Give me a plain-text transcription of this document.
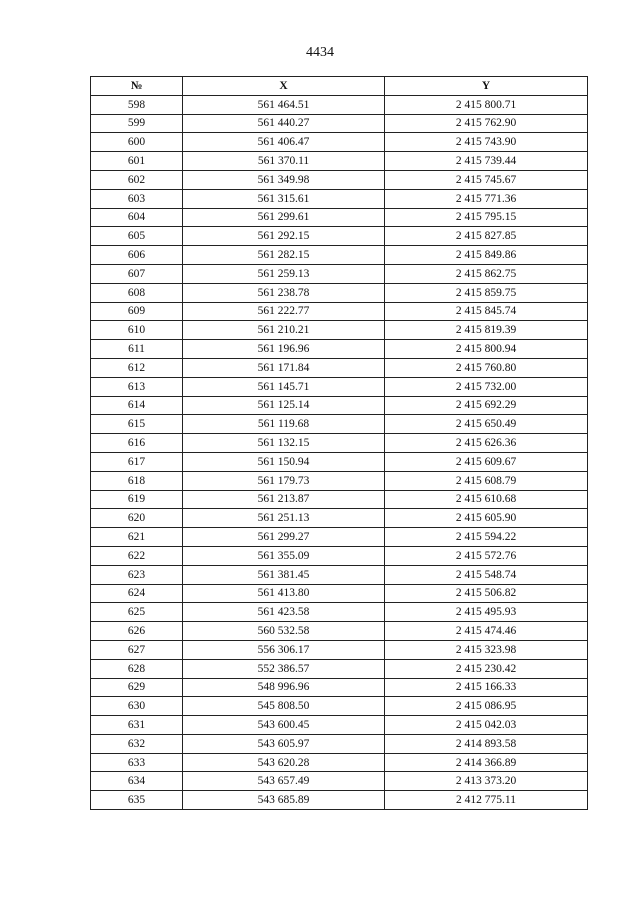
4434
№	X	Y
598	561 464.51	2 415 800.71
599	561 440.27	2 415 762.90
600	561 406.47	2 415 743.90
601	561 370.11	2 415 739.44
602	561 349.98	2 415 745.67
603	561 315.61	2 415 771.36
604	561 299.61	2 415 795.15
605	561 292.15	2 415 827.85
606	561 282.15	2 415 849.86
607	561 259.13	2 415 862.75
608	561 238.78	2 415 859.75
609	561 222.77	2 415 845.74
610	561 210.21	2 415 819.39
611	561 196.96	2 415 800.94
612	561 171.84	2 415 760.80
613	561 145.71	2 415 732.00
614	561 125.14	2 415 692.29
615	561 119.68	2 415 650.49
616	561 132.15	2 415 626.36
617	561 150.94	2 415 609.67
618	561 179.73	2 415 608.79
619	561 213.87	2 415 610.68
620	561 251.13	2 415 605.90
621	561 299.27	2 415 594.22
622	561 355.09	2 415 572.76
623	561 381.45	2 415 548.74
624	561 413.80	2 415 506.82
625	561 423.58	2 415 495.93
626	560 532.58	2 415 474.46
627	556 306.17	2 415 323.98
628	552 386.57	2 415 230.42
629	548 996.96	2 415 166.33
630	545 808.50	2 415 086.95
631	543 600.45	2 415 042.03
632	543 605.97	2 414 893.58
633	543 620.28	2 414 366.89
634	543 657.49	2 413 373.20
635	543 685.89	2 412 775.11
